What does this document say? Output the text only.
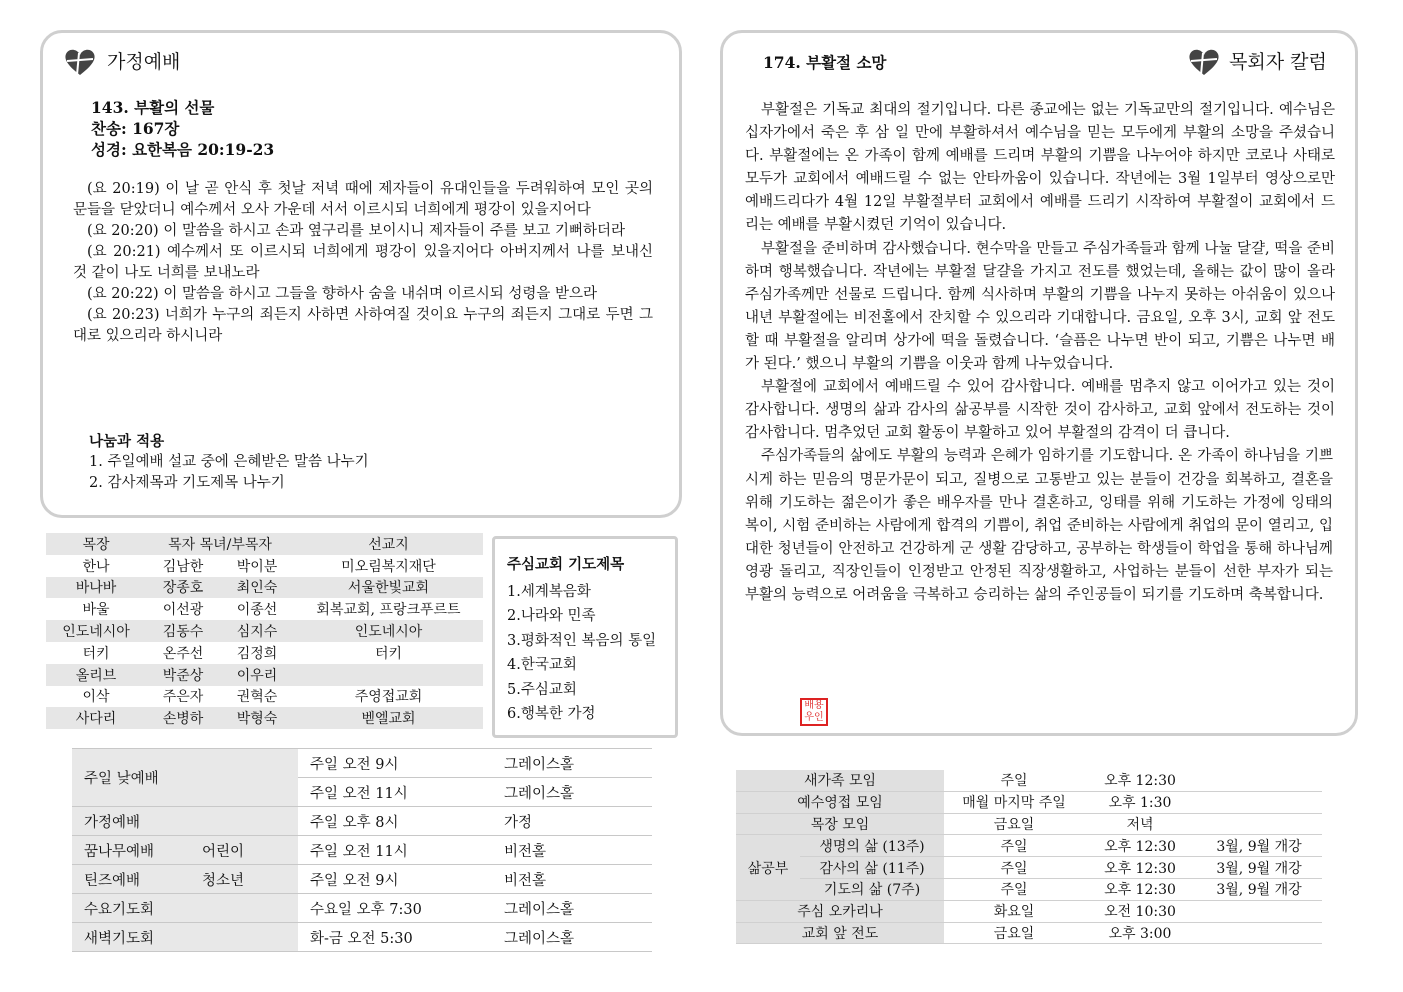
가정예배
143. 부활의 선물
찬송: 167장
성경: 요한복음 20:19-23

(요 20:19) 이 날 곧 안식 후 첫날 저녁 때에 제자들이 유대인들을 두려워하여 모인 곳의 문들을 닫았더니 예수께서 오사 가운데 서서 이르시되 너희에게 평강이 있을지어다

(요 20:20) 이 말씀을 하시고 손과 옆구리를 보이시니 제자들이 주를 보고 기뻐하더라

(요 20:21) 예수께서 또 이르시되 너희에게 평강이 있을지어다 아버지께서 나를 보내신 것 같이 나도 너희를 보내노라

(요 20:22) 이 말씀을 하시고 그들을 향하사 숨을 내쉬며 이르시되 성령을 받으라

(요 20:23) 너희가 누구의 죄든지 사하면 사하여질 것이요 누구의 죄든지 그대로 두면 그대로 있으리라 하시니라

나눔과 적용
1. 주일예배 설교 중에 은혜받은 말씀 나누기
2. 감사제목과 기도제목 나누기
목장	목자 목녀/부목자		선교지
한나	김남한	박이분	미오림복지재단
바나바	장종호	최인숙	서울한빛교회
바울	이선광	이종선	회복교회, 프랑크푸르트
인도네시아	김동수	심지수	인도네시아
터키	온주선	김정희	터키
올리브	박준상	이우리	
이삭	주은자	권혁순	주영접교회
사다리	손병하	박형숙	벧엘교회
주심교회 기도제목
1.세계복음화
2.나라와 민족
3.평화적인 복음의 통일
4.한국교회
5.주심교회
6.행복한 가정
주일 낮예배		주일 오전 9시	그레이스홀
		주일 오전 11시	그레이스홀
가정예배		주일 오후 8시	가정
꿈나무예배	어린이	주일 오전 11시	비전홀
틴즈예배	청소년	주일 오전 9시	비전홀
수요기도회		수요일 오후 7:30	그레이스홀
새벽기도회		화-금 오전 5:30	그레이스홀
174. 부활절 소망	목회자 칼럼

부활절은 기독교 최대의 절기입니다. 다른 종교에는 없는 기독교만의 절기입니다. 예수님은 십자가에서 죽은 후 삼 일 만에 부활하셔서 예수님을 믿는 모두에게 부활의 소망을 주셨습니다. 부활절에는 온 가족이 함께 예배를 드리며 부활의 기쁨을 나누어야 하지만 코로나 사태로 모두가 교회에서 예배드릴 수 없는 안타까움이 있습니다. 작년에는 3월 1일부터 영상으로만 예배드리다가 4월 12일 부활절부터 교회에서 예배를 드리기 시작하여 부활절이 교회에서 드리는 예배를 부활시켰던 기억이 있습니다.

부활절을 준비하며 감사했습니다. 현수막을 만들고 주심가족들과 함께 나눌 달걀, 떡을 준비하며 행복했습니다. 작년에는 부활절 달걀을 가지고 전도를 했었는데, 올해는 값이 많이 올라 주심가족께만 선물로 드립니다. 함께 식사하며 부활의 기쁨을 나누지 못하는 아쉬움이 있으나 내년 부활절에는 비전홀에서 잔치할 수 있으리라 기대합니다. 금요일, 오후 3시, 교회 앞 전도할 때 부활절을 알리며 상가에 떡을 돌렸습니다. ‘슬픔은 나누면 반이 되고, 기쁨은 나누면 배가 된다.’ 했으니 부활의 기쁨을 이웃과 함께 나누었습니다.

부활절에 교회에서 예배드릴 수 있어 감사합니다. 예배를 멈추지 않고 이어가고 있는 것이 감사합니다. 생명의 삶과 감사의 삶공부를 시작한 것이 감사하고, 교회 앞에서 전도하는 것이 감사합니다. 멈추었던 교회 활동이 부활하고 있어 부활절의 감격이 더 큽니다.

주심가족들의 삶에도 부활의 능력과 은혜가 임하기를 기도합니다. 온 가족이 하나님을 기쁘시게 하는 믿음의 명문가문이 되고, 질병으로 고통받고 있는 분들이 건강을 회복하고, 결혼을 위해 기도하는 젊은이가 좋은 배우자를 만나 결혼하고, 잉태를 위해 기도하는 가정에 잉태의 복이, 시험 준비하는 사람에게 합격의 기쁨이, 취업 준비하는 사람에게 취업의 문이 열리고, 입대한 청년들이 안전하고 건강하게 군 생활 감당하고, 공부하는 학생들이 학업을 통해 하나님께 영광 돌리고, 직장인들이 인정받고 안정된 직장생활하고, 사업하는 분들이 선한 부자가 되는 부활의 능력으로 어려움을 극복하고 승리하는 삶의 주인공들이 되기를 기도하며 축복합니다.

배용
우인
새가족 모임		주일	오후 12:30	
예수영접 모임		매월 마지막 주일	오후 1:30	
목장 모임		금요일	저녁	
삶공부	생명의 삶 (13주)	주일	오후 12:30	3월, 9월 개강
	감사의 삶 (11주)	주일	오후 12:30	3월, 9월 개강
	기도의 삶 (7주)	주일	오후 12:30	3월, 9월 개강
주심 오카리나		화요일	오전 10:30	
교회 앞 전도		금요일	오후 3:00	
